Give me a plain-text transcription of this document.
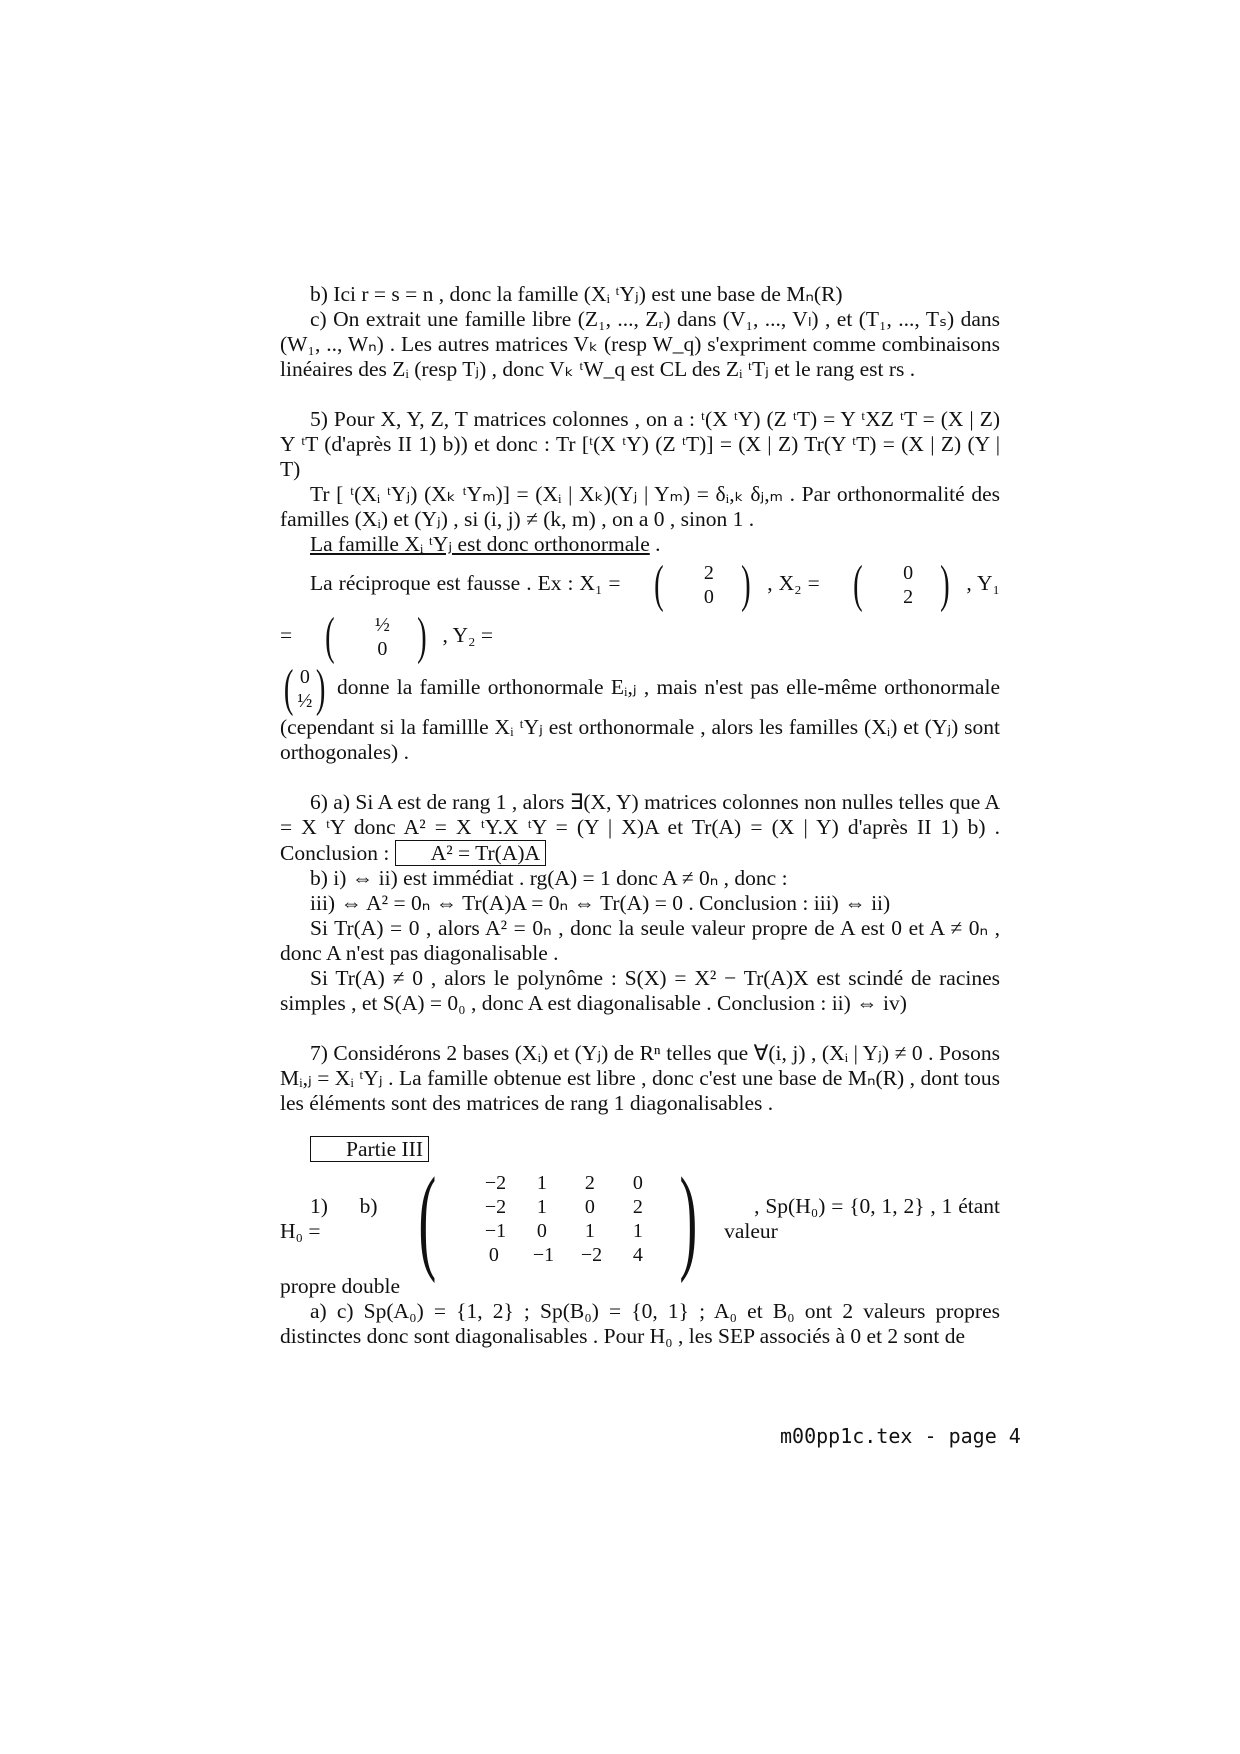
b) Ici r = s = n , donc la famille (Xᵢ ᵗYⱼ) est une base de Mₙ(R)

c) On extrait une famille libre (Z₁, ..., Zᵣ) dans (V₁, ..., Vₗ) , et (T₁, ..., Tₛ) dans (W₁, .., Wₙ) . Les autres matrices Vₖ (resp W_q) s'expriment comme combinaisons linéaires des Zᵢ (resp Tⱼ) , donc Vₖ ᵗW_q est CL des Zᵢ ᵗTⱼ et le rang est rs .

5) Pour X, Y, Z, T matrices colonnes , on a : ᵗ(X ᵗY) (Z ᵗT) = Y ᵗXZ ᵗT = (X | Z) Y ᵗT (d'après II 1) b)) et donc : Tr [ᵗ(X ᵗY) (Z ᵗT)] = (X | Z) Tr(Y ᵗT) = (X | Z) (Y | T)

Tr [ ᵗ(Xᵢ ᵗYⱼ) (Xₖ ᵗYₘ)] = (Xᵢ | Xₖ)(Yⱼ | Yₘ) = δᵢ,ₖ δⱼ,ₘ . Par orthonormalité des familles (Xᵢ) et (Yⱼ) , si (i, j) ≠ (k, m) , on a 0 , sinon 1 .

La famille Xᵢ ᵗYⱼ est donc orthonormale .

La réciproque est fausse . Ex : X₁ = (	2
0 ) , X₂ = (	0
2 ) , Y₁ = (	½
0 ) , Y₂ =

( 0
½ ) donne la famille orthonormale Eᵢ,ⱼ , mais n'est pas elle-même orthonormale (cependant si la famillle Xᵢ ᵗYⱼ est orthonormale , alors les familles (Xᵢ) et (Yⱼ) sont orthogonales) .

6) a) Si A est de rang 1 , alors ∃(X, Y) matrices colonnes non nulles telles que A = X ᵗY donc A² = X ᵗY.X ᵗY = (Y | X)A et Tr(A) = (X | Y) d'après II 1) b) . Conclusion : A² = Tr(A)A

b) i) ⇔ ii) est immédiat . rg(A) = 1 donc A ≠ 0ₙ , donc :

iii) ⇔ A² = 0ₙ ⇔ Tr(A)A = 0ₙ ⇔ Tr(A) = 0 . Conclusion : iii) ⇔ ii)

Si Tr(A) = 0 , alors A² = 0ₙ , donc la seule valeur propre de A est 0 et A ≠ 0ₙ , donc A n'est pas diagonalisable .

Si Tr(A) ≠ 0 , alors le polynôme : S(X) = X² − Tr(A)X est scindé de racines simples , et S(A) = 0₀ , donc A est diagonalisable . Conclusion : ii) ⇔ iv)

7) Considérons 2 bases (Xᵢ) et (Yⱼ) de Rⁿ telles que ∀(i, j) , (Xᵢ | Yⱼ) ≠ 0 . Posons Mᵢ,ⱼ = Xᵢ ᵗYⱼ . La famille obtenue est libre , donc c'est une base de Mₙ(R) , dont tous les éléments sont des matrices de rang 1 diagonalisables .

Partie III

1) b) H₀ = (	−2	1	2	0
−2	1	0	2
−1	0	1	1
0	−1	−2	4 )	, Sp(H₀) = {0, 1, 2} , 1 étant valeur

propre double

a) c) Sp(A₀) = {1, 2} ; Sp(B₀) = {0, 1} ; A₀ et B₀ ont 2 valeurs propres distinctes donc sont diagonalisables . Pour H₀ , les SEP associés à 0 et 2 sont de

m00pp1c.tex - page 4
